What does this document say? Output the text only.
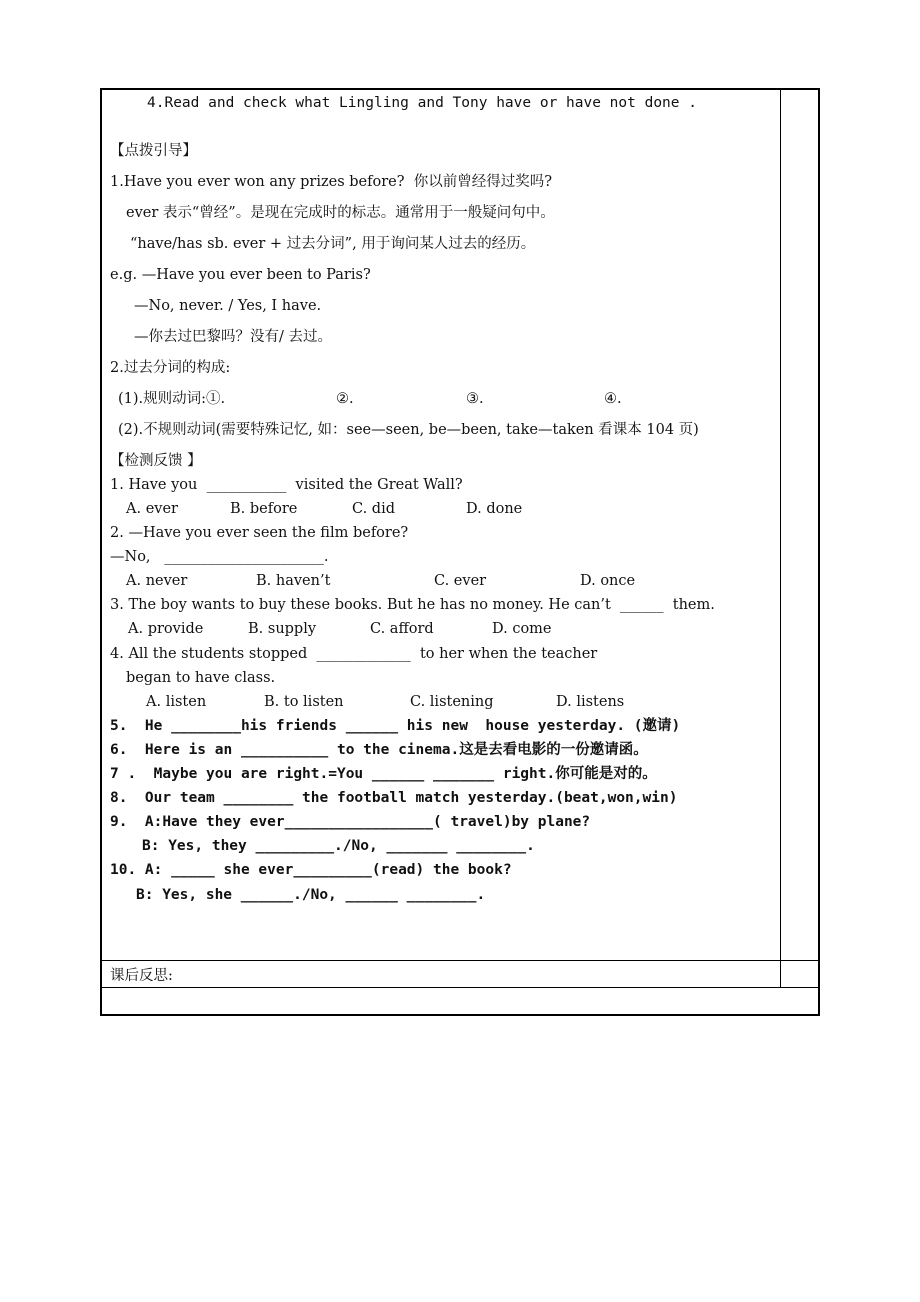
4.Read and check what Lingling and Tony have or have not done .
【点拨引导】
1.Have you ever won any prizes before?  你以前曾经得过奖吗?
ever 表示“曾经”。是现在完成时的标志。通常用于一般疑问句中。
“have/has sb. ever + 过去分词”, 用于询问某人过去的经历。
e.g. —Have you ever been to Paris?
—No, never. / Yes, I have.
—你去过巴黎吗？没有/ 去过。
2.过去分词的构成:
(1).规则动词:①.	②.	③.	④.
(2).不规则动词(需要特殊记忆, 如：see—seen, be—been, take—taken 看课本 104 页)
【检测反馈 】
1. Have you  ___________  visited the Great Wall?
A. ever	B. before	C. did	D. done
2. —Have you ever seen the film before?
—No,   ______________________.
A. never	B. haven’t	C. ever	D. once
3. The boy wants to buy these books. But he has no money. He can’t  ______  them.
A. provide	B. supply	C. afford	D. come
4. All the students stopped  _____________  to her when the teacher
began to have class.
A. listen	B. to listen	C. listening	D. listens
5.  He ________his friends ______ his new  house yesterday. (邀请)
6.  Here is an __________ to the cinema.这是去看电影的一份邀请函。
7 .  Maybe you are right.=You ______ _______ right.你可能是对的。
8.  Our team ________ the football match yesterday.(beat,won,win)
9.  A:Have they ever_________________( travel)by plane?
B: Yes, they _________./No, _______ ________.
10. A: _____ she ever_________(read) the book?
B: Yes, she ______./No, ______ ________.
课后反思:
